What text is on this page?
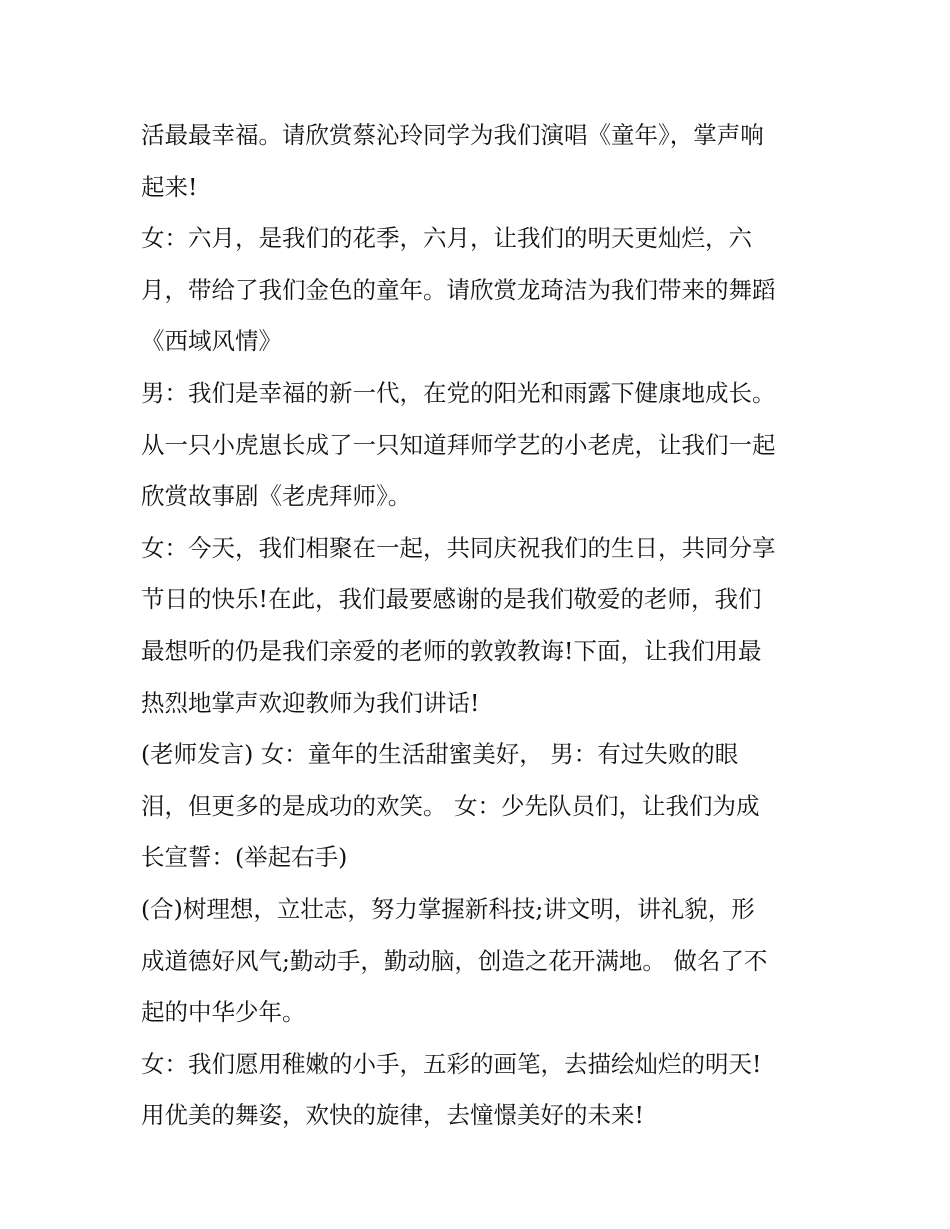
活最最幸福。请欣赏蔡沁玲同学为我们演唱《童年》，掌声响
起来!
女：六月，是我们的花季，六月，让我们的明天更灿烂，六
月，带给了我们金色的童年。请欣赏龙琦洁为我们带来的舞蹈
《西域风情》
男：我们是幸福的新一代，在党的阳光和雨露下健康地成长。
从一只小虎崽长成了一只知道拜师学艺的小老虎，让我们一起
欣赏故事剧《老虎拜师》。
女：今天，我们相聚在一起，共同庆祝我们的生日，共同分享
节日的快乐!在此，我们最要感谢的是我们敬爱的老师，我们
最想听的仍是我们亲爱的老师的敦敦教诲!下面，让我们用最
热烈地掌声欢迎教师为我们讲话!
(老师发言) 女：童年的生活甜蜜美好， 男：有过失败的眼
泪，但更多的是成功的欢笑。 女：少先队员们，让我们为成
长宣誓：(举起右手)
(合)树理想，立壮志，努力掌握新科技;讲文明，讲礼貌，形
成道德好风气;勤动手，勤动脑，创造之花开满地。 做名了不
起的中华少年。
女：我们愿用稚嫩的小手，五彩的画笔，去描绘灿烂的明天!
用优美的舞姿，欢快的旋律，去憧憬美好的未来!
